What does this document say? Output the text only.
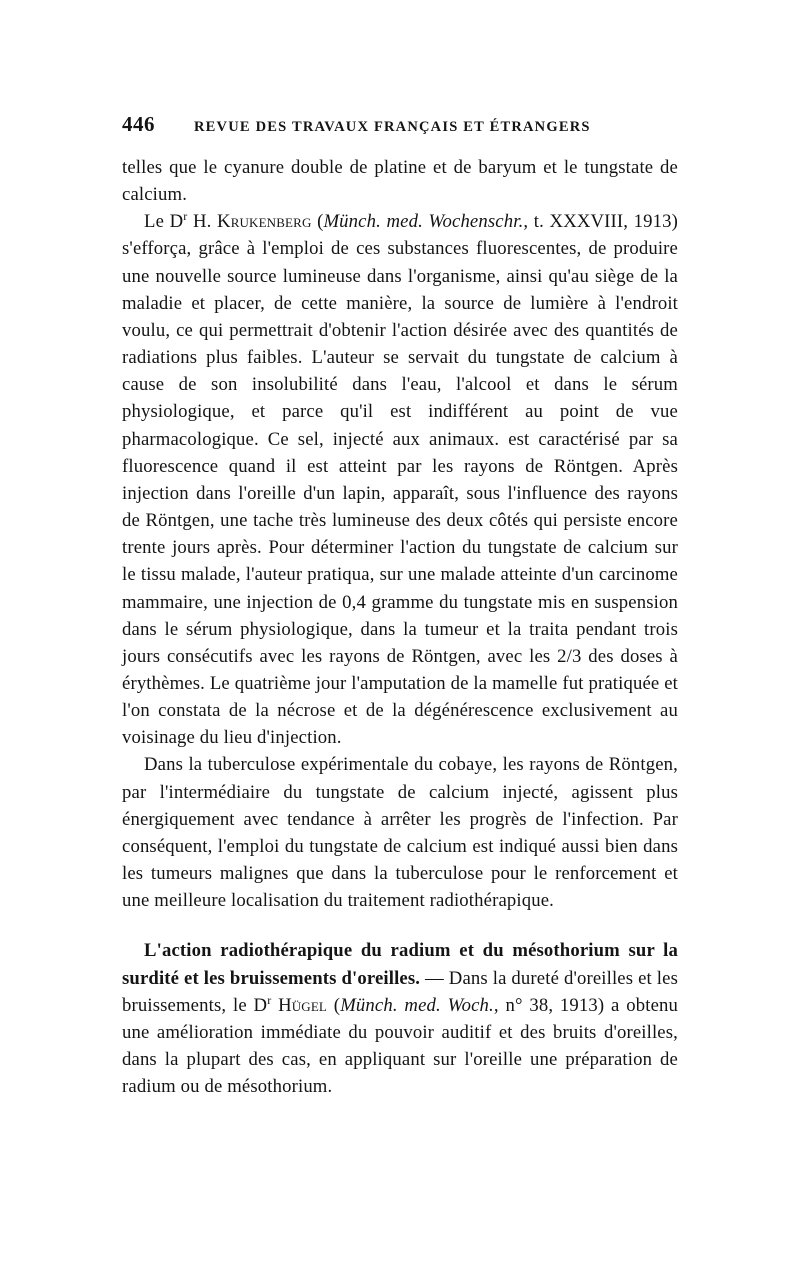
446	REVUE DES TRAVAUX FRANÇAIS ET ÉTRANGERS

telles que le cyanure double de platine et de baryum et le tungstate de calcium.

Le $D^r$ H. Krukenberg (Münch. med. Wochenschr., t. XXXVIII, 1913) s'efforça, grâce à l'emploi de ces substances fluorescentes, de produire une nouvelle source lumineuse dans l'organisme, ainsi qu'au siège de la maladie et placer, de cette manière, la source de lumière à l'endroit voulu, ce qui permettrait d'obtenir l'action désirée avec des quantités de radiations plus faibles. L'auteur se servait du tungstate de calcium à cause de son insolubilité dans l'eau, l'alcool et dans le sérum physiologique, et parce qu'il est indifférent au point de vue pharmacologique. Ce sel, injecté aux animaux. est caractérisé par sa fluorescence quand il est atteint par les rayons de Röntgen. Après injection dans l'oreille d'un lapin, apparaît, sous l'influence des rayons de Röntgen, une tache très lumineuse des deux côtés qui persiste encore trente jours après. Pour déterminer l'action du tungstate de calcium sur le tissu malade, l'auteur pratiqua, sur une malade atteinte d'un carcinome mammaire, une injection de 0,4 gramme du tungstate mis en suspension dans le sérum physiologique, dans la tumeur et la traita pendant trois jours consécutifs avec les rayons de Röntgen, avec les 2/3 des doses à érythèmes. Le quatrième jour l'amputation de la mamelle fut pratiquée et l'on constata de la nécrose et de la dégénérescence exclusivement au voisinage du lieu d'injection.

Dans la tuberculose expérimentale du cobaye, les rayons de Röntgen, par l'intermédiaire du tungstate de calcium injecté, agissent plus énergiquement avec tendance à arrêter les progrès de l'infection. Par conséquent, l'emploi du tungstate de calcium est indiqué aussi bien dans les tumeurs malignes que dans la tuberculose pour le renforcement et une meilleure localisation du traitement radiothérapique.

L'action radiothérapique du radium et du mésothorium sur la surdité et les bruissements d'oreilles. — Dans la dureté d'oreilles et les bruissements, le $D^r$ Hügel (Münch. med. Woch., n° 38, 1913) a obtenu une amélioration immédiate du pouvoir auditif et des bruits d'oreilles, dans la plupart des cas, en appliquant sur l'oreille une préparation de radium ou de mésothorium.
